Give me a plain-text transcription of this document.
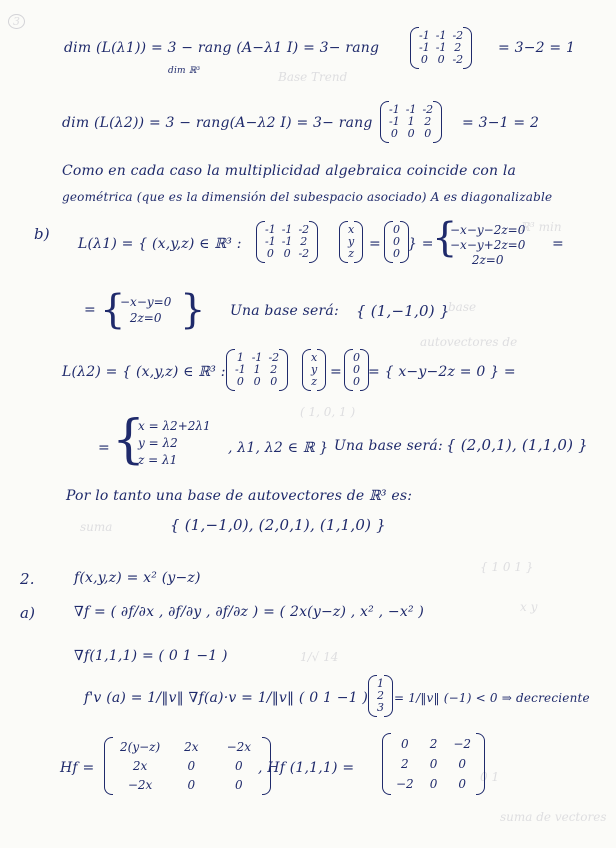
Base Trend
ℝ³ min
base
autovectores de
( 1, 0, 1 )
suma
{ 1 0 1 }
x y
1/√ 14
0 1
suma de vectores
3
dim (L(λ1)) = 3 − rang (A−λ1 I) = 3− rang
dim ℝ³
-1	-1	-2
-1	-1	2
0	0	-2
= 3−2 = 1
dim (L(λ2)) = 3 − rang(A−λ2 I) = 3− rang
-1	-1	-2
-1	1	2
0	0	0
= 3−1 = 2
Como en cada caso la multiplicidad algebraica coincide con la
geométrica (que es la dimensión del subespacio asociado) A es diagonalizable
b)
L(λ1) = { (x,y,z) ∈ ℝ³ :
-1	-1	-2
-1	-1	2
0	0	-2
x
y
z
=
0
0
0
} =
{
−x−y−2z=0
−x−y+2z=0
2z=0
=
= {
−x−y=0
2z=0 } Una base será: { (1,−1,0) }
L(λ2) = { (x,y,z) ∈ ℝ³ :
1	-1	-2
-1	1	2
0	0	0
x
y
z
=
0
0
0
= { x−y−2z = 0 } =
= {
x = λ2+2λ1
y = λ2
z = λ1
, λ1, λ2 ∈ ℝ } Una base será: { (2,0,1), (1,1,0) }
Por lo tanto una base de autovectores de ℝ³ es:
{ (1,−1,0), (2,0,1), (1,1,0) }
2.	f(x,y,z) = x² (y−z)
a)	∇f = ( ∂f/∂x , ∂f/∂y , ∂f/∂z ) = ( 2x(y−z) , x² , −x² )
∇f(1,1,1) = ( 0 1 −1 )
f'v (a) = 1/‖v‖ ∇f(a)·v = 1/‖v‖ ( 0 1 −1 )
1
2
3
= 1/‖v‖ (−1) < 0 ⇒ decreciente
Hf =
2(y−z)	2x	−2x
2x	0	0
−2x	0	0
, Hf (1,1,1) =
0	2	−2
2	0	0
−2	0	0
